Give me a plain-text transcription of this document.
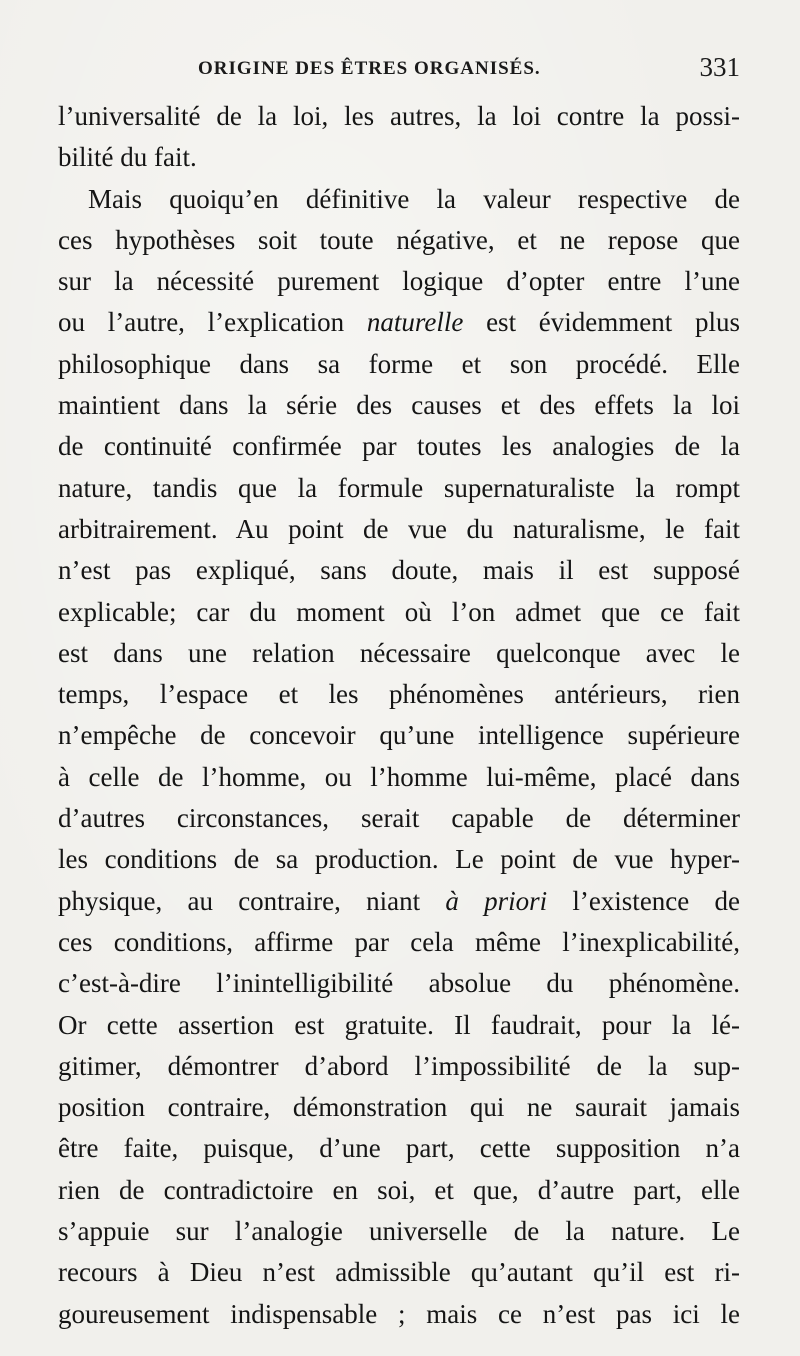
ORIGINE DES ÊTRES ORGANISÉS.	331
l’universalité de la loi, les autres, la loi contre la possi-
bilité du fait.
Mais quoiqu’en définitive la valeur respective de
ces hypothèses soit toute négative, et ne repose que
sur la nécessité purement logique d’opter entre l’une
ou l’autre, l’explication naturelle est évidemment plus
philosophique dans sa forme et son procédé. Elle
maintient dans la série des causes et des effets la loi
de continuité confirmée par toutes les analogies de la
nature, tandis que la formule supernaturaliste la rompt
arbitrairement. Au point de vue du naturalisme, le fait
n’est pas expliqué, sans doute, mais il est supposé
explicable; car du moment où l’on admet que ce fait
est dans une relation nécessaire quelconque avec le
temps, l’espace et les phénomènes antérieurs, rien
n’empêche de concevoir qu’une intelligence supérieure
à celle de l’homme, ou l’homme lui-même, placé dans
d’autres circonstances, serait capable de déterminer
les conditions de sa production. Le point de vue hyper-
physique, au contraire, niant à priori l’existence de
ces conditions, affirme par cela même l’inexplicabilité,
c’est-à-dire l’inintelligibilité absolue du phénomène.
Or cette assertion est gratuite. Il faudrait, pour la lé-
gitimer, démontrer d’abord l’impossibilité de la sup-
position contraire, démonstration qui ne saurait jamais
être faite, puisque, d’une part, cette supposition n’a
rien de contradictoire en soi, et que, d’autre part, elle
s’appuie sur l’analogie universelle de la nature. Le
recours à Dieu n’est admissible qu’autant qu’il est ri-
goureusement indispensable ; mais ce n’est pas ici le
